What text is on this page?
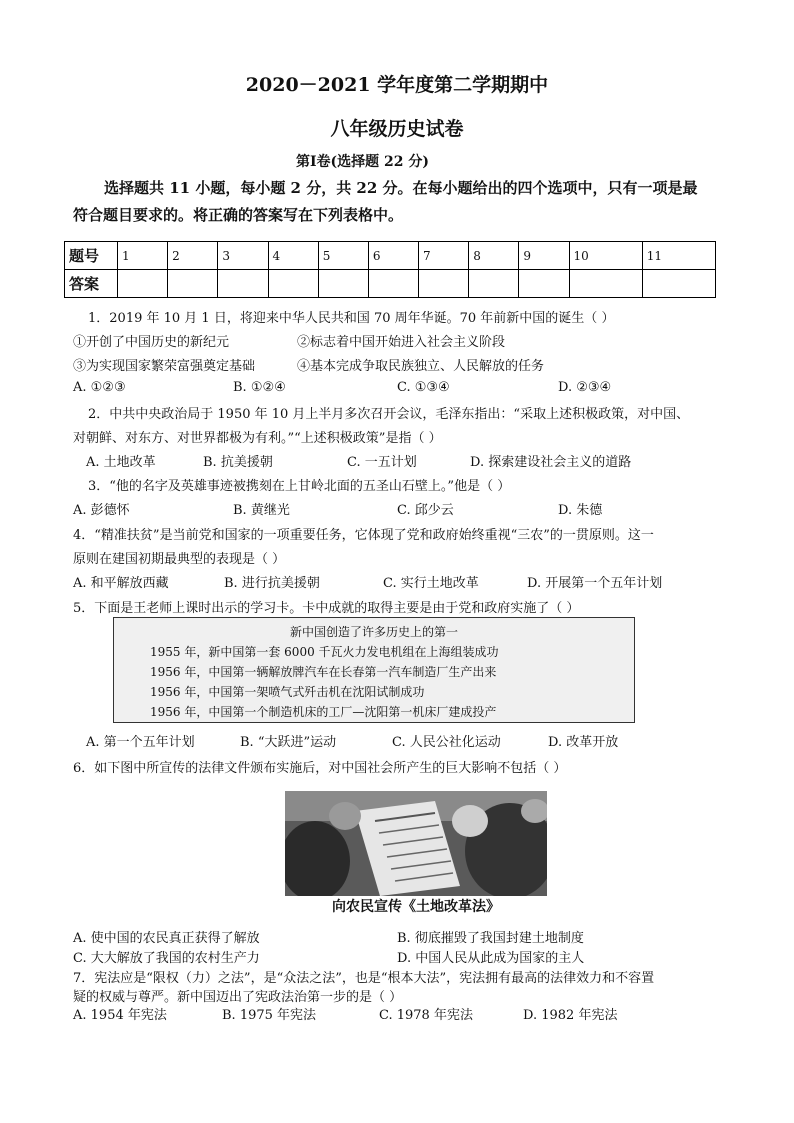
2020－2021 学年度第二学期期中
八年级历史试卷
第Ⅰ卷(选择题 22 分)
选择题共 11 小题，每小题 2 分，共 22 分。在每小题给出的四个选项中，只有一项是最
符合题目要求的。将正确的答案写在下列表格中。
题号	1	2	3	4	5	6	7	8	9	10	11
答案											
1．2019 年 10 月 1 日，将迎来中华人民共和国 70 周年华诞。70 年前新中国的诞生（ ）
①开创了中国历史的新纪元	②标志着中国开始进入社会主义阶段
③为实现国家繁荣富强奠定基础	④基本完成争取民族独立、人民解放的任务
A. ①②③	B. ①②④	C. ①③④	D. ②③④
2．中共中央政治局于 1950 年 10 月上半月多次召开会议，毛泽东指出：“采取上述积极政策，对中国、
对朝鲜、对东方、对世界都极为有利。”“上述积极政策”是指（ ）
A. 土地改革	B. 抗美援朝	C. 一五计划	D. 探索建设社会主义的道路
3．“他的名字及英雄事迹被携刻在上甘岭北面的五圣山石壁上。”他是（ ）
A. 彭德怀	B. 黄继光	C. 邱少云	D. 朱德
4．“精准扶贫”是当前党和国家的一项重要任务，它体现了党和政府始终重视“三农”的一贯原则。这一
原则在建国初期最典型的表现是（ ）
A. 和平解放西藏	B. 进行抗美援朝	C. 实行土地改革	D. 开展第一个五年计划
5．下面是王老师上课时出示的学习卡。卡中成就的取得主要是由于党和政府实施了（ ）
新中国创造了许多历史上的第一
1955 年，新中国第一套 6000 千瓦火力发电机组在上海组装成功
1956 年，中国第一辆解放牌汽车在长春第一汽车制造厂生产出来
1956 年，中国第一架喷气式歼击机在沈阳试制成功
1956 年，中国第一个制造机床的工厂—沈阳第一机床厂建成投产
A. 第一个五年计划	B. “大跃进”运动	C. 人民公社化运动	D. 改革开放
6．如下图中所宣传的法律文件颁布实施后，对中国社会所产生的巨大影响不包括（ ）
向农民宣传《土地改革法》
A. 使中国的农民真正获得了解放	B. 彻底摧毁了我国封建土地制度
C. 大大解放了我国的农村生产力	D. 中国人民从此成为国家的主人
7．宪法应是“限权（力）之法”，是“众法之法”，也是“根本大法”，宪法拥有最高的法律效力和不容置
疑的权威与尊严。新中国迈出了宪政法治第一步的是（ ）
A. 1954 年宪法	B. 1975 年宪法	C. 1978 年宪法	D. 1982 年宪法
